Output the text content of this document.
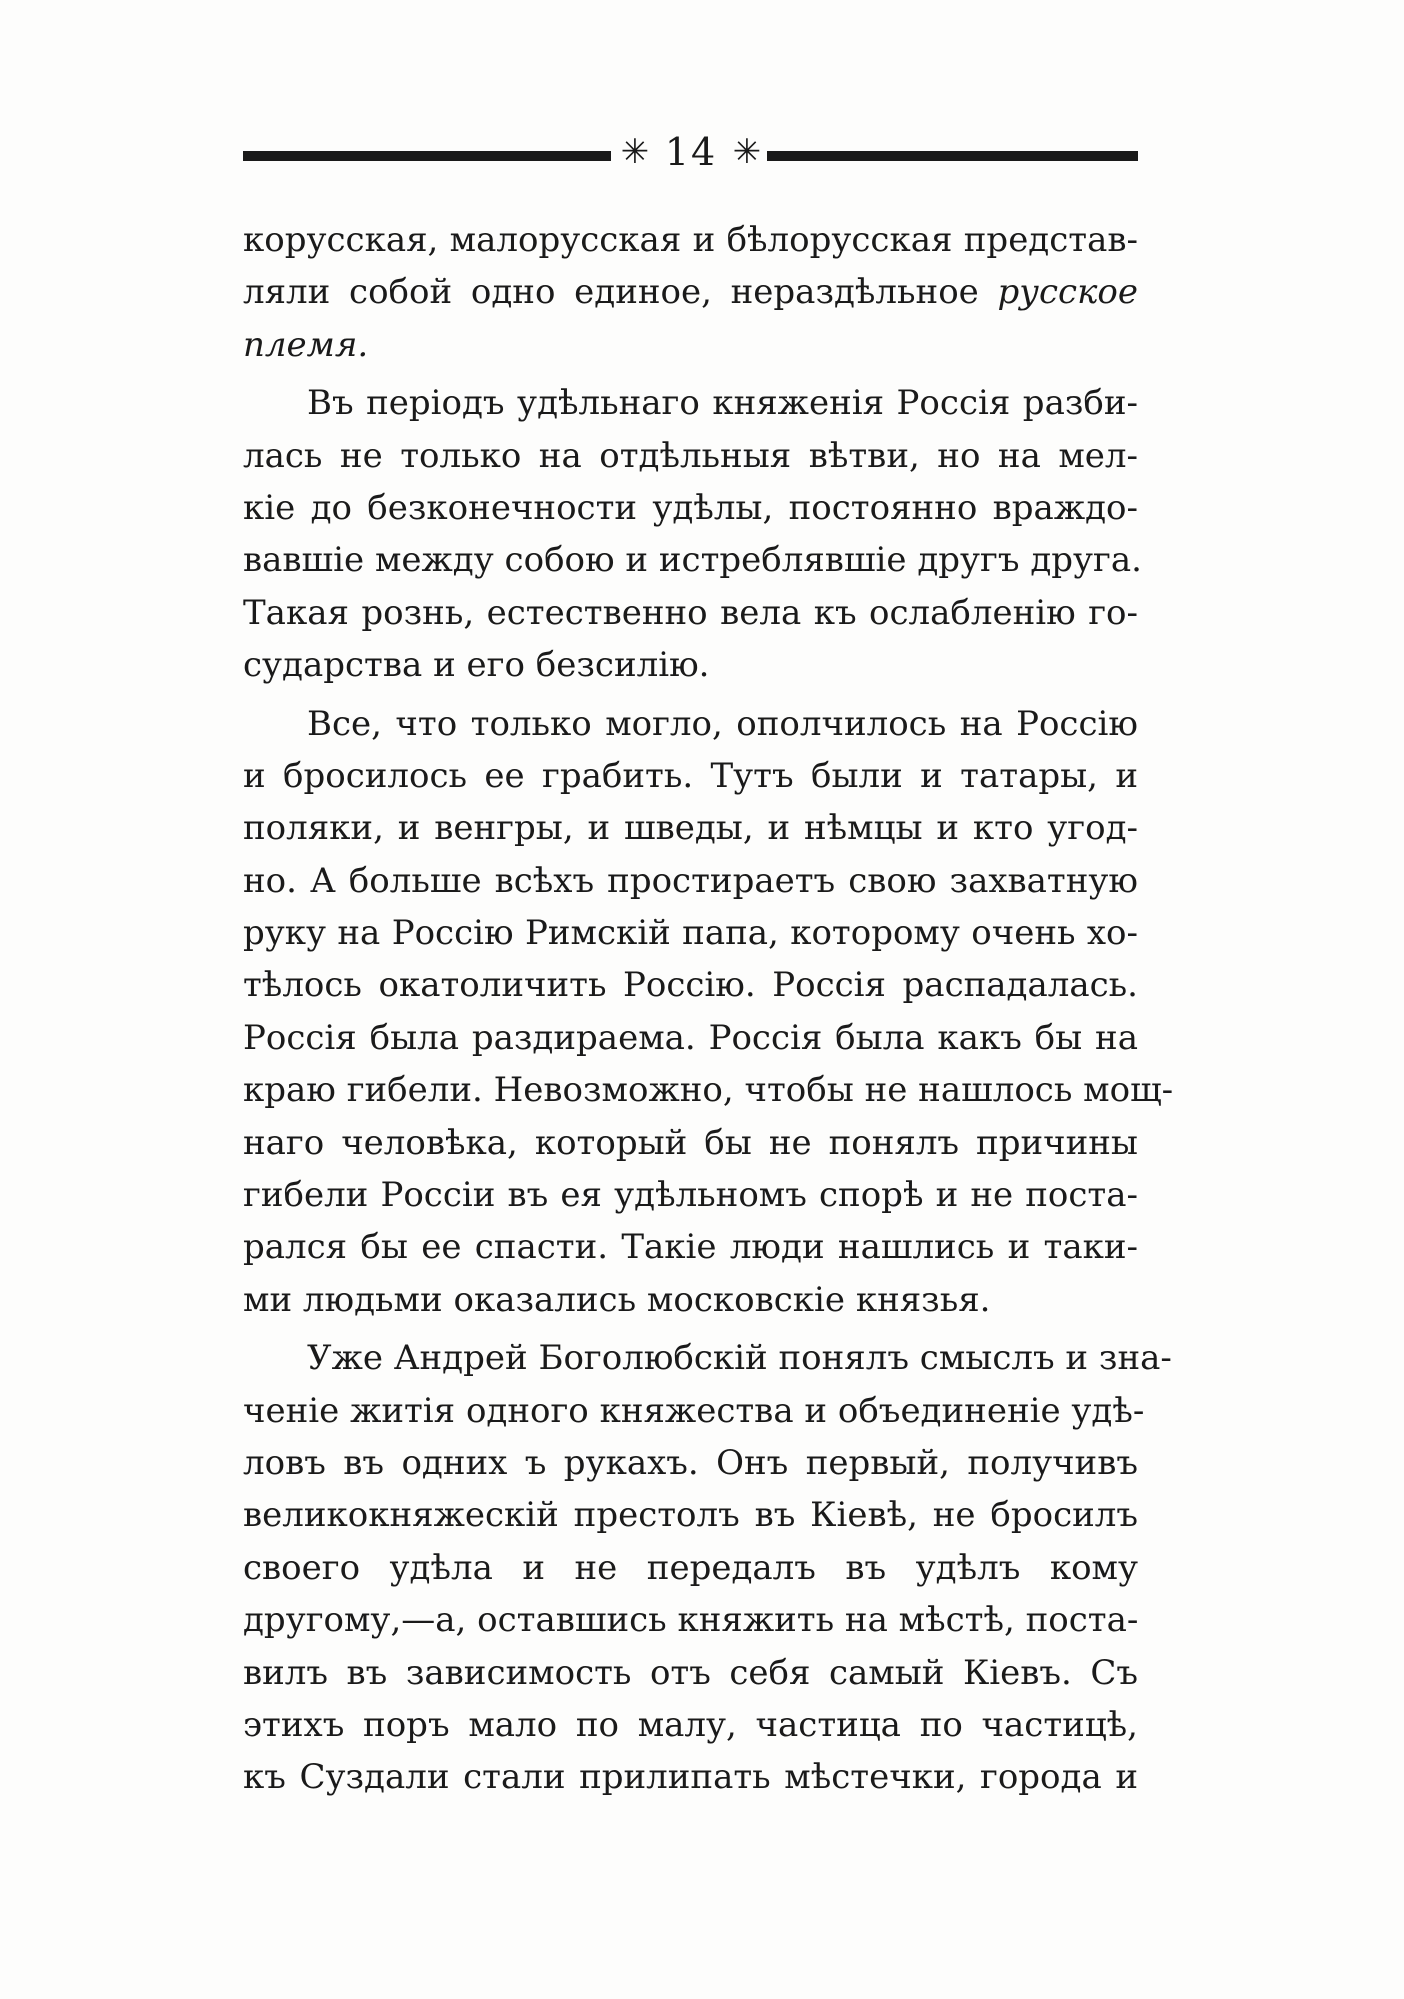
✳ 14 ✳
корусская, малорусская и бѣлорусская представ-
ляли собой одно единое, нераздѣльное русское
племя.
Въ періодъ удѣльнаго княженія Россія разби-
лась не только на отдѣльныя вѣтви, но на мел-
кіе до безконечности удѣлы, постоянно враждо-
вавшіе между собою и истреблявшіе другъ друга.
Такая рознь, естественно вела къ ослабленію го-
сударства и его безсилію.
Все, что только могло, ополчилось на Россію
и бросилось ее грабить. Тутъ были и татары, и
поляки, и венгры, и шведы, и нѣмцы и кто угод-
но. А больше всѣхъ простираетъ свою захватную
руку на Россію Римскій папа, которому очень хо-
тѣлось окатоличить Россію. Россія распадалась.
Россія была раздираема. Россія была какъ бы на
краю гибели. Невозможно, чтобы не нашлось мощ-
наго человѣка, который бы не понялъ причины
гибели Россіи въ ея удѣльномъ спорѣ и не поста-
рался бы ее спасти. Такіе люди нашлись и таки-
ми людьми оказались московскіе князья.
Уже Андрей Боголюбскій понялъ смыслъ и зна-
ченіе житія одного княжества и объединеніе удѣ-
ловъ въ одних ъ рукахъ. Онъ первый, получивъ
великокняжескій престолъ въ Кіевѣ, не бросилъ
своего удѣла и не передалъ въ удѣлъ кому
другому,—а, оставшись княжить на мѣстѣ, поста-
вилъ въ зависимость отъ себя самый Кіевъ. Съ
этихъ поръ мало по малу, частица по частицѣ,
къ Суздали стали прилипать мѣстечки, города и
